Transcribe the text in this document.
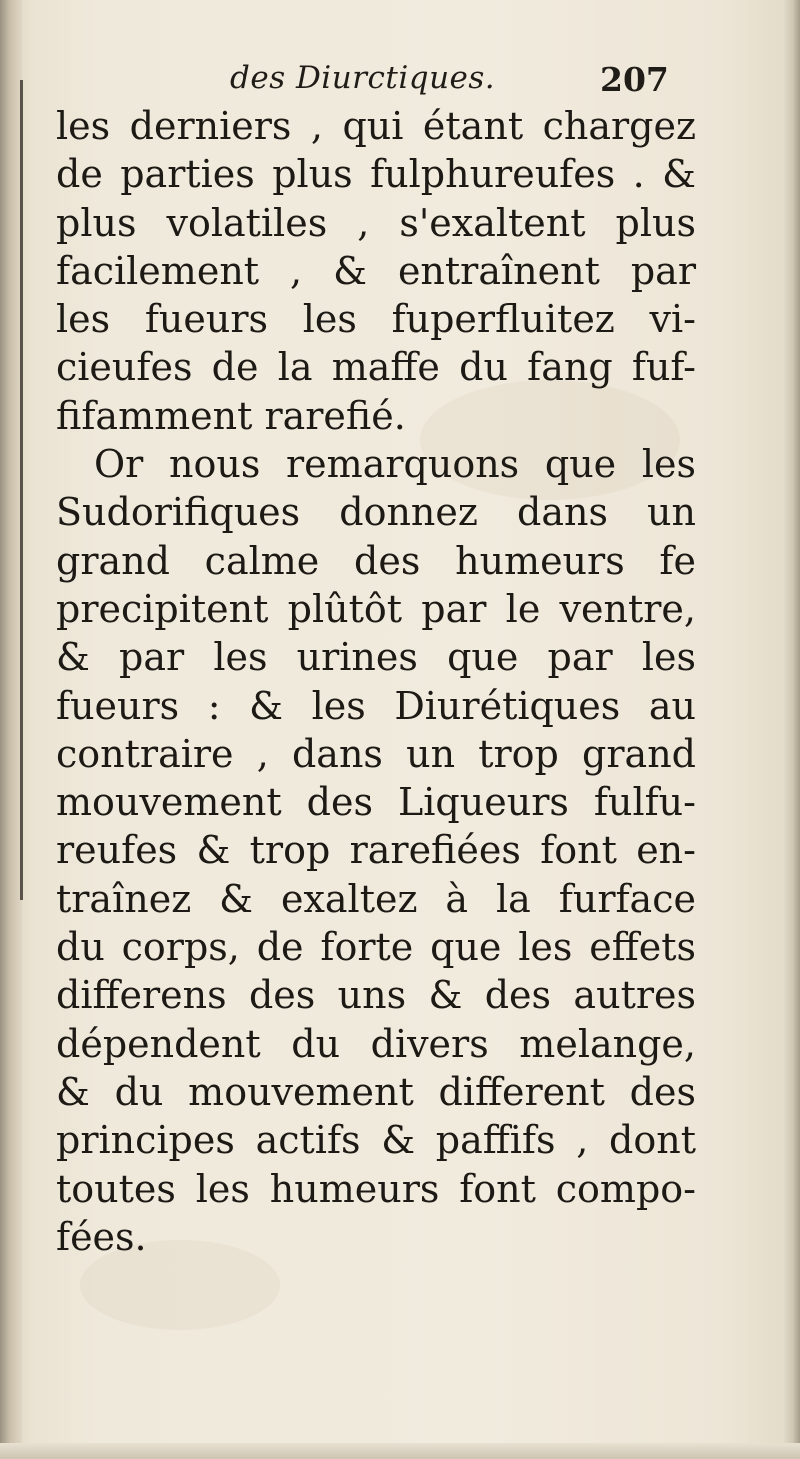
des Diurctiques.	207
les derniers , qui étant chargez
de parties plus fulphureufes . &
plus volatiles , s'exaltent plus
facilement , & entraînent par
les fueurs les fuperfluitez vi-
cieufes de la maffe du fang fuf-
fifamment rarefié.
Or nous remarquons que les
Sudorifiques donnez dans un
grand calme des humeurs fe
precipitent plûtôt par le ventre,
& par les urines que par les
fueurs : & les Diurétiques au
contraire , dans un trop grand
mouvement des Liqueurs fulfu-
reufes & trop rarefiées font en-
traînez & exaltez à la furface
du corps, de forte que les effets
differens des uns & des autres
dépendent du divers melange,
& du mouvement different des
principes actifs & paffifs , dont
toutes les humeurs font compo-
fées.
